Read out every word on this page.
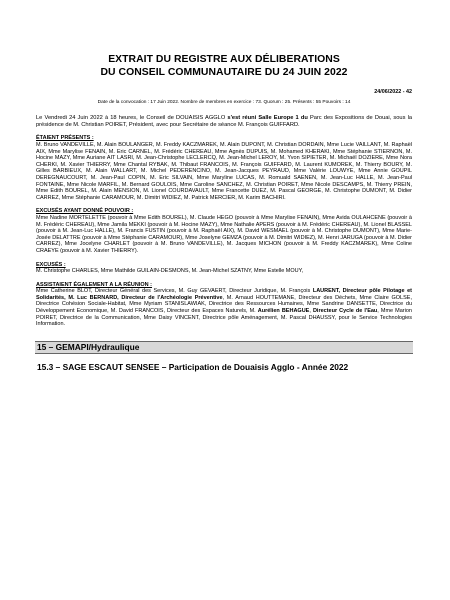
EXTRAIT DU REGISTRE AUX DÉLIBERATIONS
DU CONSEIL COMMUNAUTAIRE DU 24 JUIN 2022
24/06/2022 - 42
Date de la convocation : 17 Juin 2022. Nombre de membres en exercice : 73. Quorum : 25. Présents : 55 Pouvoirs : 14
Le Vendredi 24 Juin 2022 à 18 heures, le Conseil de DOUAISIS AGGLO s'est réuni Salle Europe 1 du Parc des Expositions de Douai, sous la présidence de M. Christian POIRET, Président, avec pour Secrétaire de séance M. François GUIFFARD.
ÉTAIENT PRÉSENTS :
M. Bruno VANDEVILLE, M. Alain BOULANGER, M. Freddy KACZMAREK, M. Alain DUPONT, M. Christian DORDAIN, Mme Lucie VAILLANT, M. Raphaël AIX, Mme Marylise FENAIN, M. Eric CARNEL, M. Frédéric CHEREAU, Mme Agnès DUPUIS, M. Mohamed KHERAKI, Mme Stéphanie STIERNON, M. Hocine MAZY, Mme Auriane AIT LASRI, M. Jean-Christophe LECLERCQ, M. Jean-Michel LEROY, M. Yvon SIPIETER, M. Michaël DOZIERE, Mme Nora CHERKI, M. Xavier THIERRY, Mme Chantal RYBAK, M. Thibaut FRANCOIS, M. François GUIFFARD, M. Laurent KUMOREK, M. Thierry BOURY, M. Gilles BARBIEUX, M. Alain WALLART, M. Michel PEDERENCINO, M. Jean-Jacques PEYRAUD, Mme Valérie LOUWYE, Mme Annie GOUPIL DEREGNAUCOURT, M. Jean-Paul COPIN, M. Eric SILVAIN, Mme Maryline LUCAS, M. Romuald SAENEN, M. Jean-Luc HALLE, M. Jean-Paul FONTAINE, Mme Nicole MARFIL, M. Bernard GOULOIS, Mme Caroline SANCHEZ, M. Christian POIRET, Mme Nicole DESCAMPS, M. Thierry PREIN, Mme Edith BOUREL, M. Alain MENSION, M. Lionel COURDAVAULT, Mme Francette DUEZ, M. Pascal GEORGE, M. Christophe DUMONT, M. Didier CARREZ, Mme Stéphanie CARAMOUR, M. Dimitri WIDIEZ, M. Patrick MERCIER, M. Karim BACHIRI.
EXCUSÉS AYANT DONNÉ POUVOIR :
Mme Nadine MORTELETTE (pouvoir à Mme Edith BOUREL), M. Claude HEGO (pouvoir à Mme Marylise FENAIN), Mme Avida OULAHCENE (pouvoir à M. Frédéric CHEREAU), Mme Jamila MEKKI (pouvoir à M. Hocine MAZY), Mme Nathalie APERS (pouvoir à M. Frédéric CHEREAU), M. Lionel BLASSEL (pouvoir à M. Jean-Luc HALLE), M. Francis FUSTIN (pouvoir à M. Raphaël AIX), M. David WESMAEL (pouvoir à M. Christophe DUMONT), Mme Marie-Josée DELATTRE (pouvoir à Mme Stéphanie CARAMOUR), Mme Joselyne GEMZA (pouvoir à M. Dimitri WIDIEZ), M. Henri JARUGA (pouvoir à M. Didier CARREZ), Mme Jocelyne CHARLET (pouvoir à M. Bruno VANDEVILLE), M. Jacques MICHON (pouvoir à M. Freddy KACZMAREK), Mme Coline CRAEYE (pouvoir à M. Xavier THIERRY).
EXCUSÉS :
M. Christophe CHARLES, Mme Mathilde GUILAIN-DESMONS, M. Jean-Michel SZATNY, Mme Estelle MOUY,
ASSISTAIENT ÉGALEMENT A LA RÉUNION :
Mme Catherine BLOT, Directeur Général des Services, M. Guy GEVAERT, Directeur Juridique, M. François LAURENT, Directeur pôle Pilotage et Solidarités, M. Luc BERNARD, Directeur de l'Archéologie Préventive, M. Arnaud HOUTTEMANE, Directeur des Déchets, Mme Claire GOLSE, Directrice Cohésion Sociale-Habitat, Mme Myriam STANISLAWIAK, Directrice des Ressources Humaines, Mme Sandrine DANSETTE, Directrice du Développement Economique, M. David FRANCOIS, Directeur des Espaces Naturels, M. Aurélien BEHAGUE, Directeur Cycle de l'Eau, Mme Marion POIRET, Directrice de la Communication, Mme Daisy VINCENT, Directrice pôle Aménagement, M. Pascal DHAUSSY, pour le Service Technologies Information.
15 – GEMAPI/Hydraulique
15.3 – SAGE ESCAUT SENSEE – Participation de Douaisis Agglo - Année 2022
